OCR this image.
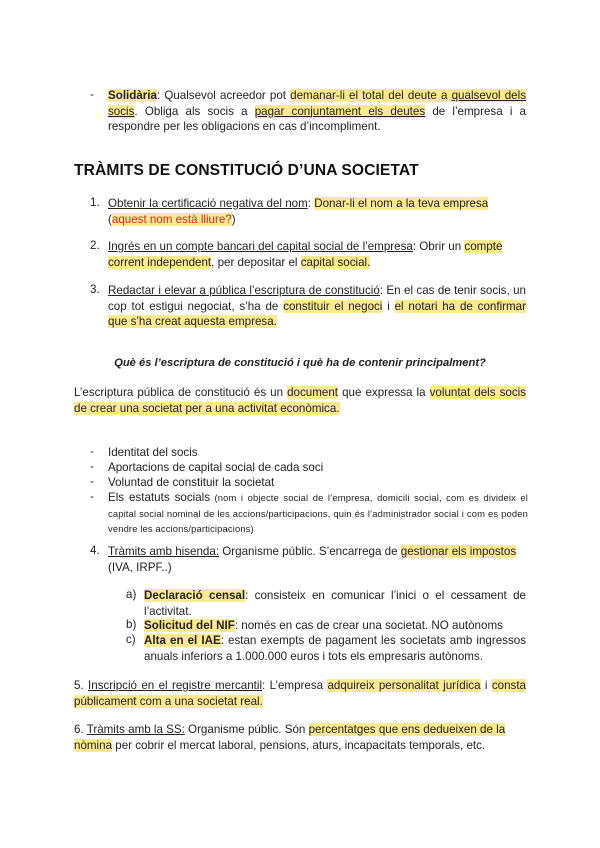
- Solidària: Qualsevol acreedor pot demanar-li el total del deute a qualsevol dels socis. Obliga als socis a pagar conjuntament els deutes de l’empresa i a respondre per les obligacions en cas d’incompliment.
TRÀMITS DE CONSTITUCIÓ D’UNA SOCIETAT
1. Obtenir la certificació negativa del nom: Donar-li el nom a la teva empresa (aquest nom està lliure?)
2. Ingrés en un compte bancari del capital social de l’empresa: Obrir un compte corrent independent, per depositar el capital social.
3. Redactar i elevar a pública l’escriptura de constitució: En el cas de tenir socis, un cop tot estigui negociat, s’ha de constituir el negoci i el notari ha de confirmar que s’ha creat aquesta empresa.
Què és l’escriptura de constitució i què ha de contenir principalment?
L’escriptura pública de constitució és un document que expressa la voluntat dels socis de crear una societat per a una activitat econòmica.
- Identitat del socis
- Aportacions de capital social de cada soci
- Voluntad de constituir la societat
- Els estatuts socials (nom i objecte social de l’empresa, domicili social, com es divideix el capital social nominal de les accions/participacions, quin és l’administrador social i com es poden vendre les accions/participacions)
4. Tràmits amb hisenda: Organisme públic. S’encarrega de gestionar els impostos (IVA, IRPF..)
a) Declaració censal: consisteix en comunicar l’inici o el cessament de l’activitat.
b) Solicitud del NIF: només en cas de crear una societat. NO autònoms
c) Alta en el IAE: estan exempts de pagament les societats amb ingressos anuals inferiors a 1.000.000 euros i tots els empresaris autònoms.
5. Inscripció en el registre mercantil: L’empresa adquireix personalitat jurídica i consta públicament com a una societat real.
6. Tràmits amb la SS: Organisme públic. Són percentatges que ens dedueixen de la nòmina per cobrir el mercat laboral, pensions, aturs, incapacitats temporals, etc.
